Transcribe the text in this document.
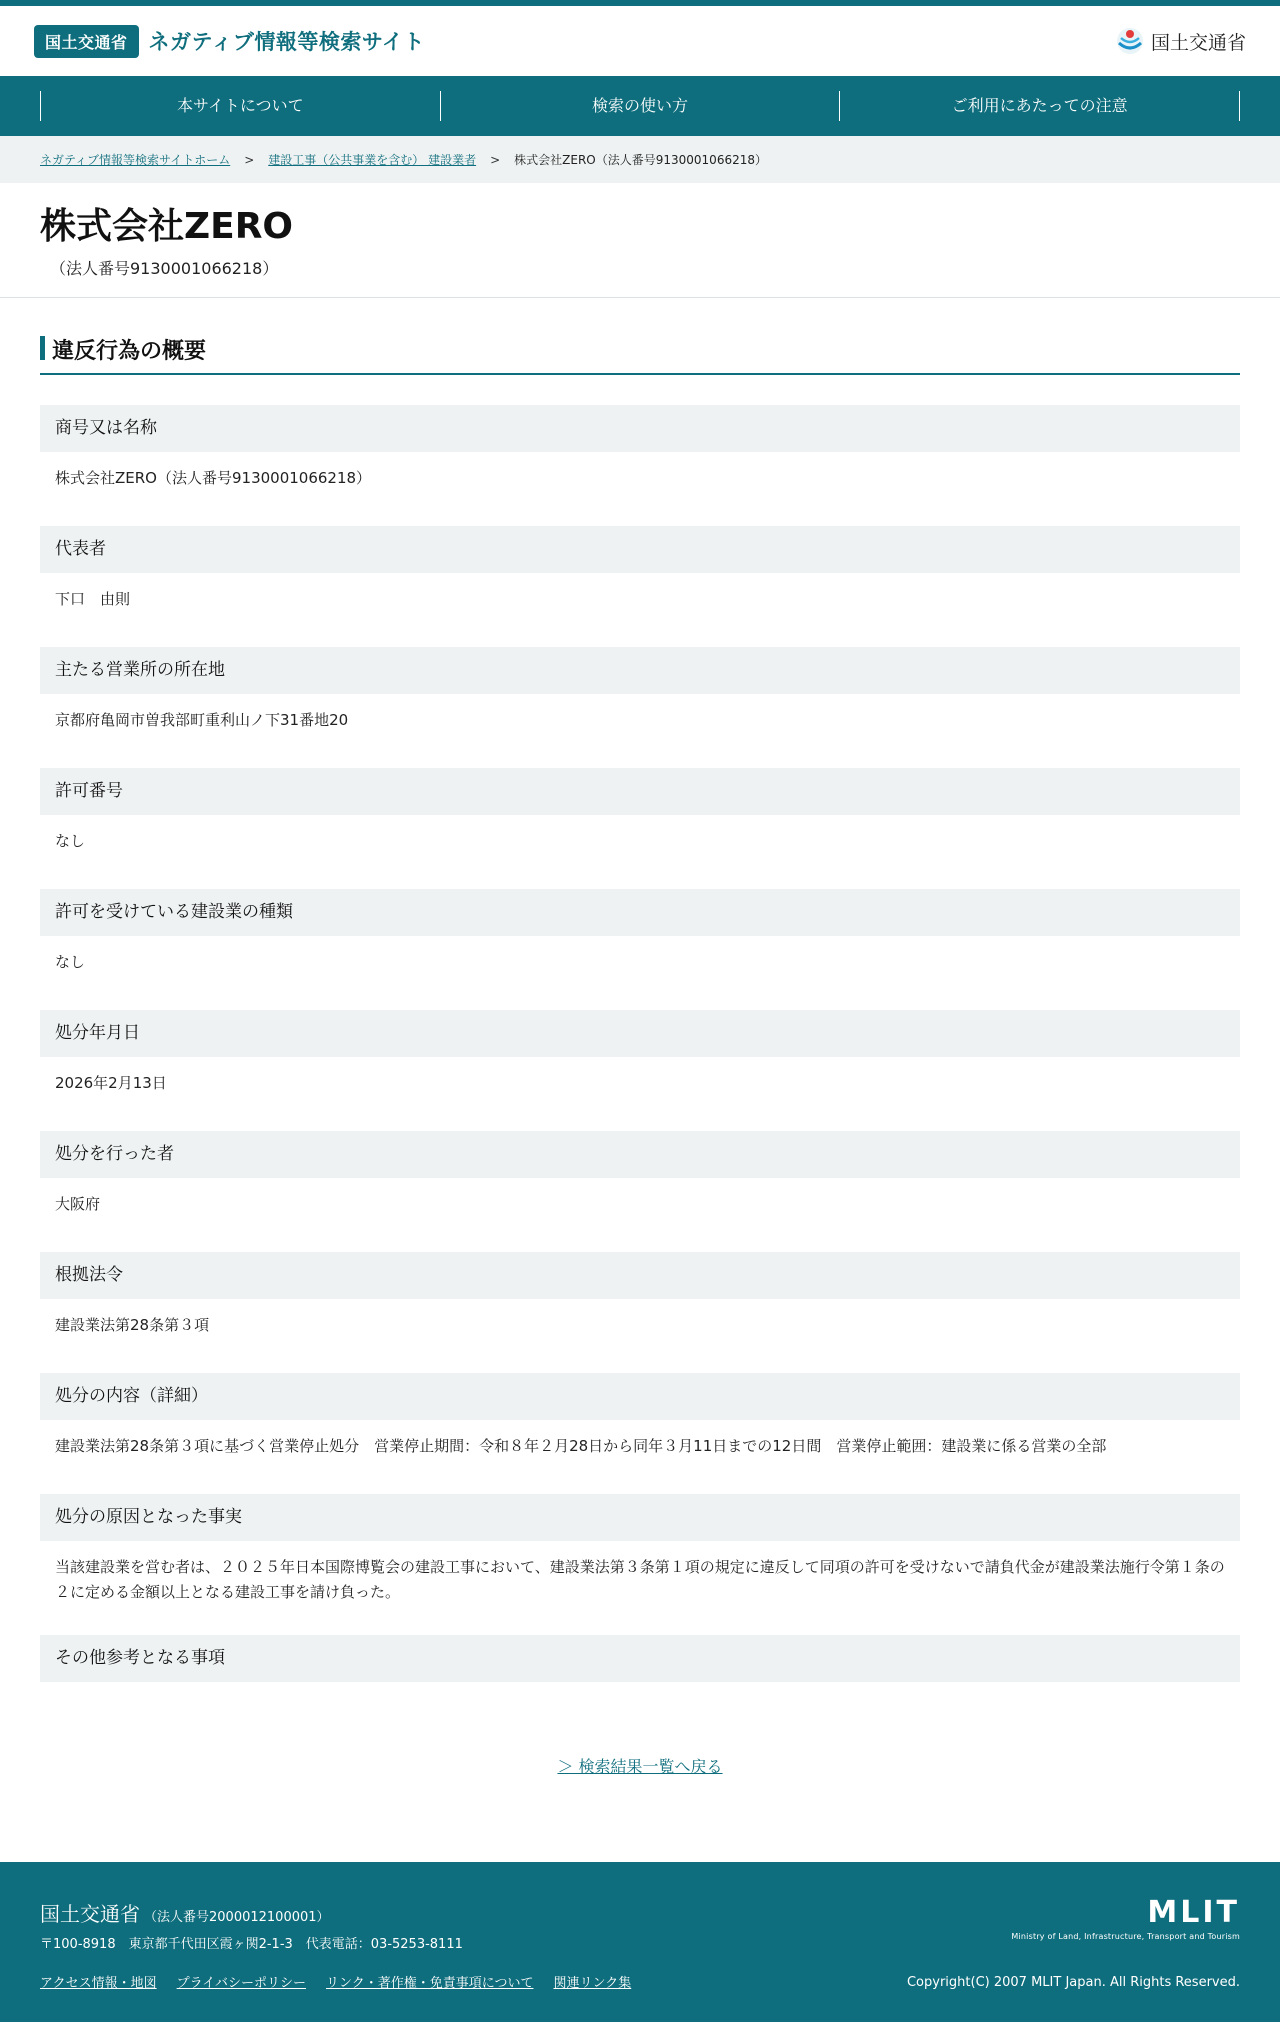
国土交通省	ネガティブ情報等検索サイト	国土交通省
本サイトについて	検索の使い方	ご利用にあたっての注意
ネガティブ情報等検索サイトホーム > 建設工事（公共事業を含む） 建設業者 > 株式会社ZERO（法人番号9130001066218）
株式会社ZERO
（法人番号9130001066218）
違反行為の概要
商号又は名称
株式会社ZERO（法人番号9130001066218）
代表者
下口　由則
主たる営業所の所在地
京都府亀岡市曽我部町重利山ノ下31番地20
許可番号
なし
許可を受けている建設業の種類
なし
処分年月日
2026年2月13日
処分を行った者
大阪府
根拠法令
建設業法第28条第３項
処分の内容（詳細）
建設業法第28条第３項に基づく営業停止処分　営業停止期間：令和８年２月28日から同年３月11日までの12日間　営業停止範囲：建設業に係る営業の全部
処分の原因となった事実
当該建設業を営む者は、２０２５年日本国際博覧会の建設工事において、建設業法第３条第１項の規定に違反して同項の許可を受けないで請負代金が建設業法施行令第１条の２に定める金額以上となる建設工事を請け負った。
その他参考となる事項
＞ 検索結果一覧へ戻る
国土交通省 （法人番号2000012100001）
〒100-8918　東京都千代田区霞ヶ関2-1-3　代表電話：03-5253-8111
アクセス情報・地図 プライバシーポリシー リンク・著作権・免責事項について 関連リンク集
MLIT
Ministry of Land, Infrastructure, Transport and Tourism
Copyright(C) 2007 MLIT Japan. All Rights Reserved.
